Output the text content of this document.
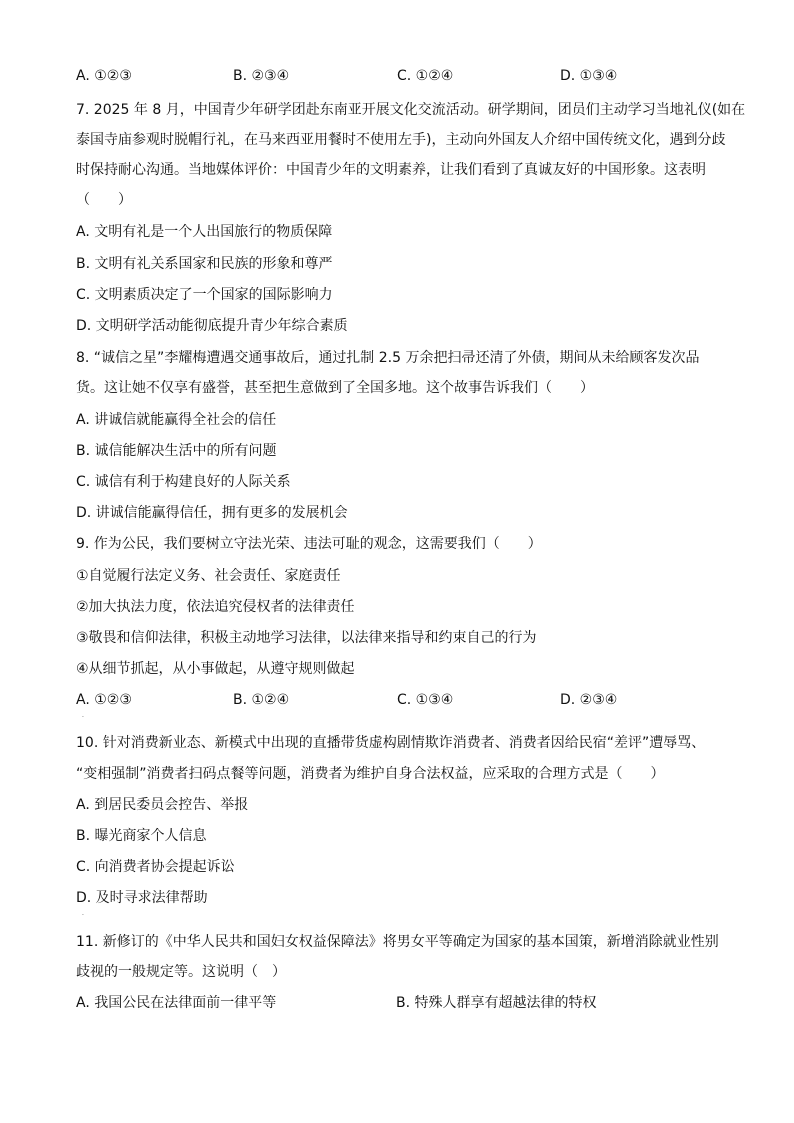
A. ①②③	B. ②③④	C. ①②④	D. ①③④
7. 2025 年 8 月，中国青少年研学团赴东南亚开展文化交流活动。研学期间，团员们主动学习当地礼仪(如在
泰国寺庙参观时脱帽行礼，在马来西亚用餐时不使用左手)，主动向外国友人介绍中国传统文化，遇到分歧
时保持耐心沟通。当地媒体评价：中国青少年的文明素养，让我们看到了真诚友好的中国形象。这表明
（　　）
A. 文明有礼是一个人出国旅行的物质保障
B. 文明有礼关系国家和民族的形象和尊严
C. 文明素质决定了一个国家的国际影响力
D. 文明研学活动能彻底提升青少年综合素质
8. “诚信之星”李耀梅遭遇交通事故后，通过扎制 2.5 万余把扫帚还清了外债，期间从未给顾客发次品
货。这让她不仅享有盛誉，甚至把生意做到了全国多地。这个故事告诉我们（　　）
A. 讲诚信就能赢得全社会的信任
B. 诚信能解决生活中的所有问题
C. 诚信有利于构建良好的人际关系
D. 讲诚信能赢得信任，拥有更多的发展机会
9. 作为公民，我们要树立守法光荣、违法可耻的观念，这需要我们（　　）
①自觉履行法定义务、社会责任、家庭责任
②加大执法力度，依法追究侵权者的法律责任
③敬畏和信仰法律，积极主动地学习法律，以法律来指导和约束自己的行为
④从细节抓起，从小事做起，从遵守规则做起
A. ①②③	B. ①②④	C. ①③④	D. ②③④
.
10. 针对消费新业态、新模式中出现的直播带货虚构剧情欺诈消费者、消费者因给民宿“差评”遭辱骂、
“变相强制”消费者扫码点餐等问题，消费者为维护自身合法权益，应采取的合理方式是（　　）
A. 到居民委员会控告、举报
B. 曝光商家个人信息
C. 向消费者协会提起诉讼
D. 及时寻求法律帮助
.
11. 新修订的《中华人民共和国妇女权益保障法》将男女平等确定为国家的基本国策，新增消除就业性别
歧视的一般规定等。这说明（　）
A. 我国公民在法律面前一律平等	B. 特殊人群享有超越法律的特权
